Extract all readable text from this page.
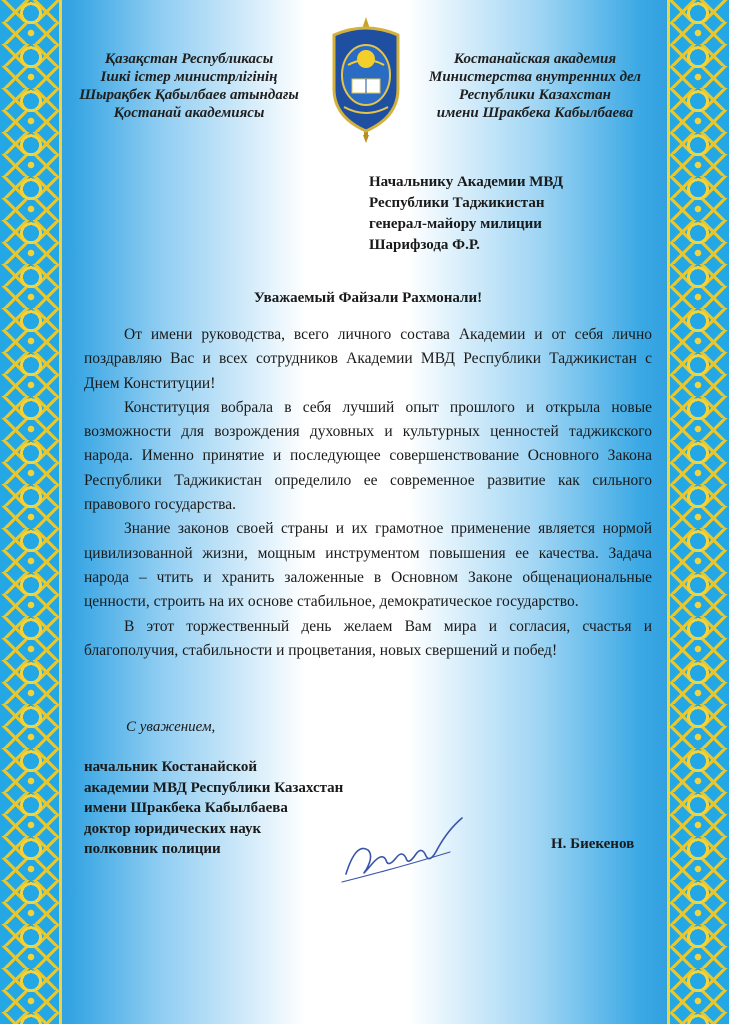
Қазақстан Республикасы
Ішкі істер министрлігінің
Шырақбек Қабылбаев атындағы
Қостанай академиясы
Костанайская академия
Министерства внутренних дел
Республики Казахстан
имени Шракбека Кабылбаева
Начальнику Академии МВД
Республики Таджикистан
генерал-майору милиции
Шарифзода Ф.Р.
Уважаемый Файзали Рахмонали!

От имени руководства, всего личного состава Академии и от себя лично поздравляю Вас и всех сотрудников Академии МВД Республики Таджикистан с Днем Конституции!

Конституция вобрала в себя лучший опыт прошлого и открыла новые возможности для возрождения духовных и культурных ценностей таджикского народа. Именно принятие и последующее совершенствование Основного Закона Республики Таджикистан определило ее современное развитие как сильного правового государства.

Знание законов своей страны и их грамотное применение является нормой цивилизованной жизни, мощным инструментом повышения ее качества. Задача народа – чтить и хранить заложенные в Основном Законе общенациональные ценности, строить на их основе стабильное, демократическое государство.

В этот торжественный день желаем Вам мира и согласия, счастья и благополучия, стабильности и процветания, новых свершений и побед!

С уважением,
начальник Костанайской
академии МВД Республики Казахстан
имени Шракбека Кабылбаева
доктор юридических наук
полковник полиции	Н. Биекенов
